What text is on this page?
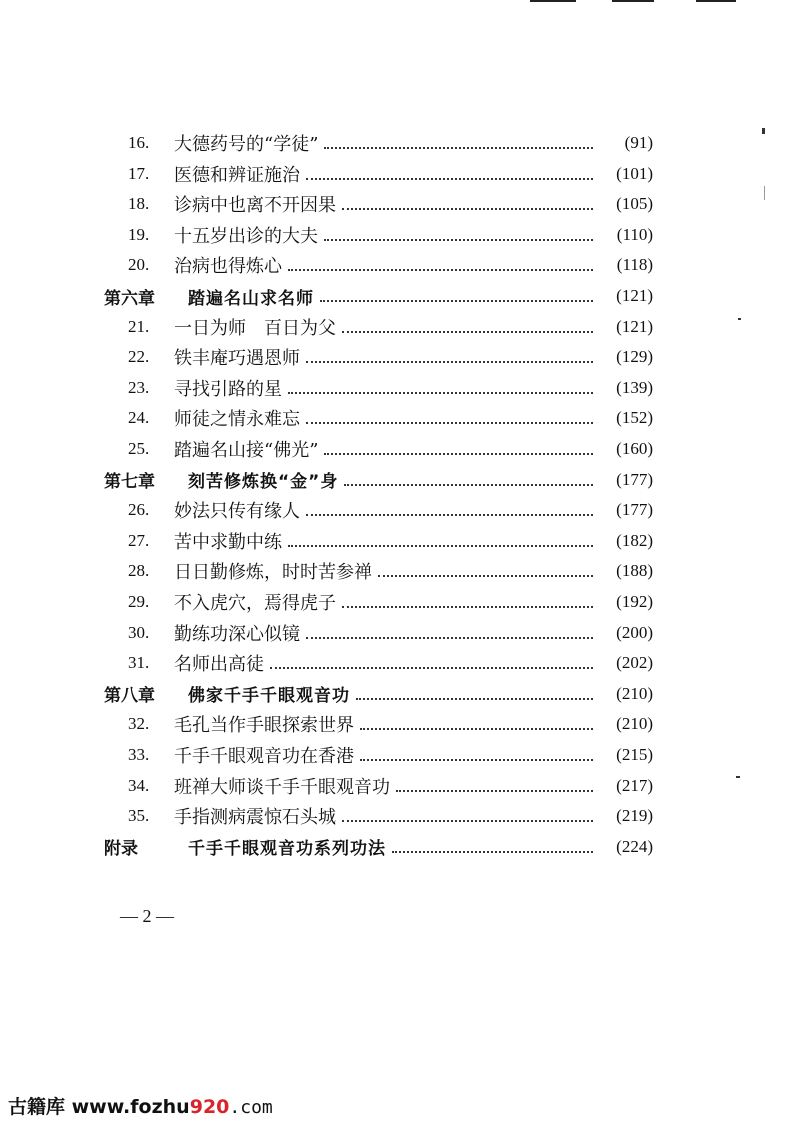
16.	大德药号的“学徒”	(91)
17.	医德和辨证施治	(101)
18.	诊病中也离不开因果	(105)
19.	十五岁出诊的大夫	(110)
20.	治病也得炼心	(118)
第六章 踏遍名山求名师	(121)
21.	一日为师　百日为父	(121)
22.	铁丰庵巧遇恩师	(129)
23.	寻找引路的星	(139)
24.	师徒之情永难忘	(152)
25.	踏遍名山接“佛光”	(160)
第七章 刻苦修炼换“金”身	(177)
26.	妙法只传有缘人	(177)
27.	苦中求勤中练	(182)
28.	日日勤修炼，时时苦参禅	(188)
29.	不入虎穴，焉得虎子	(192)
30.	勤练功深心似镜	(200)
31.	名师出高徒	(202)
第八章 佛家千手千眼观音功	(210)
32.	毛孔当作手眼探索世界	(210)
33.	千手千眼观音功在香港	(215)
34.	班禅大师谈千手千眼观音功	(217)
35.	手指测病震惊石头城	(219)
附录	千手千眼观音功系列功法	(224)
— 2 —
古籍库 www.fozhu920.com
